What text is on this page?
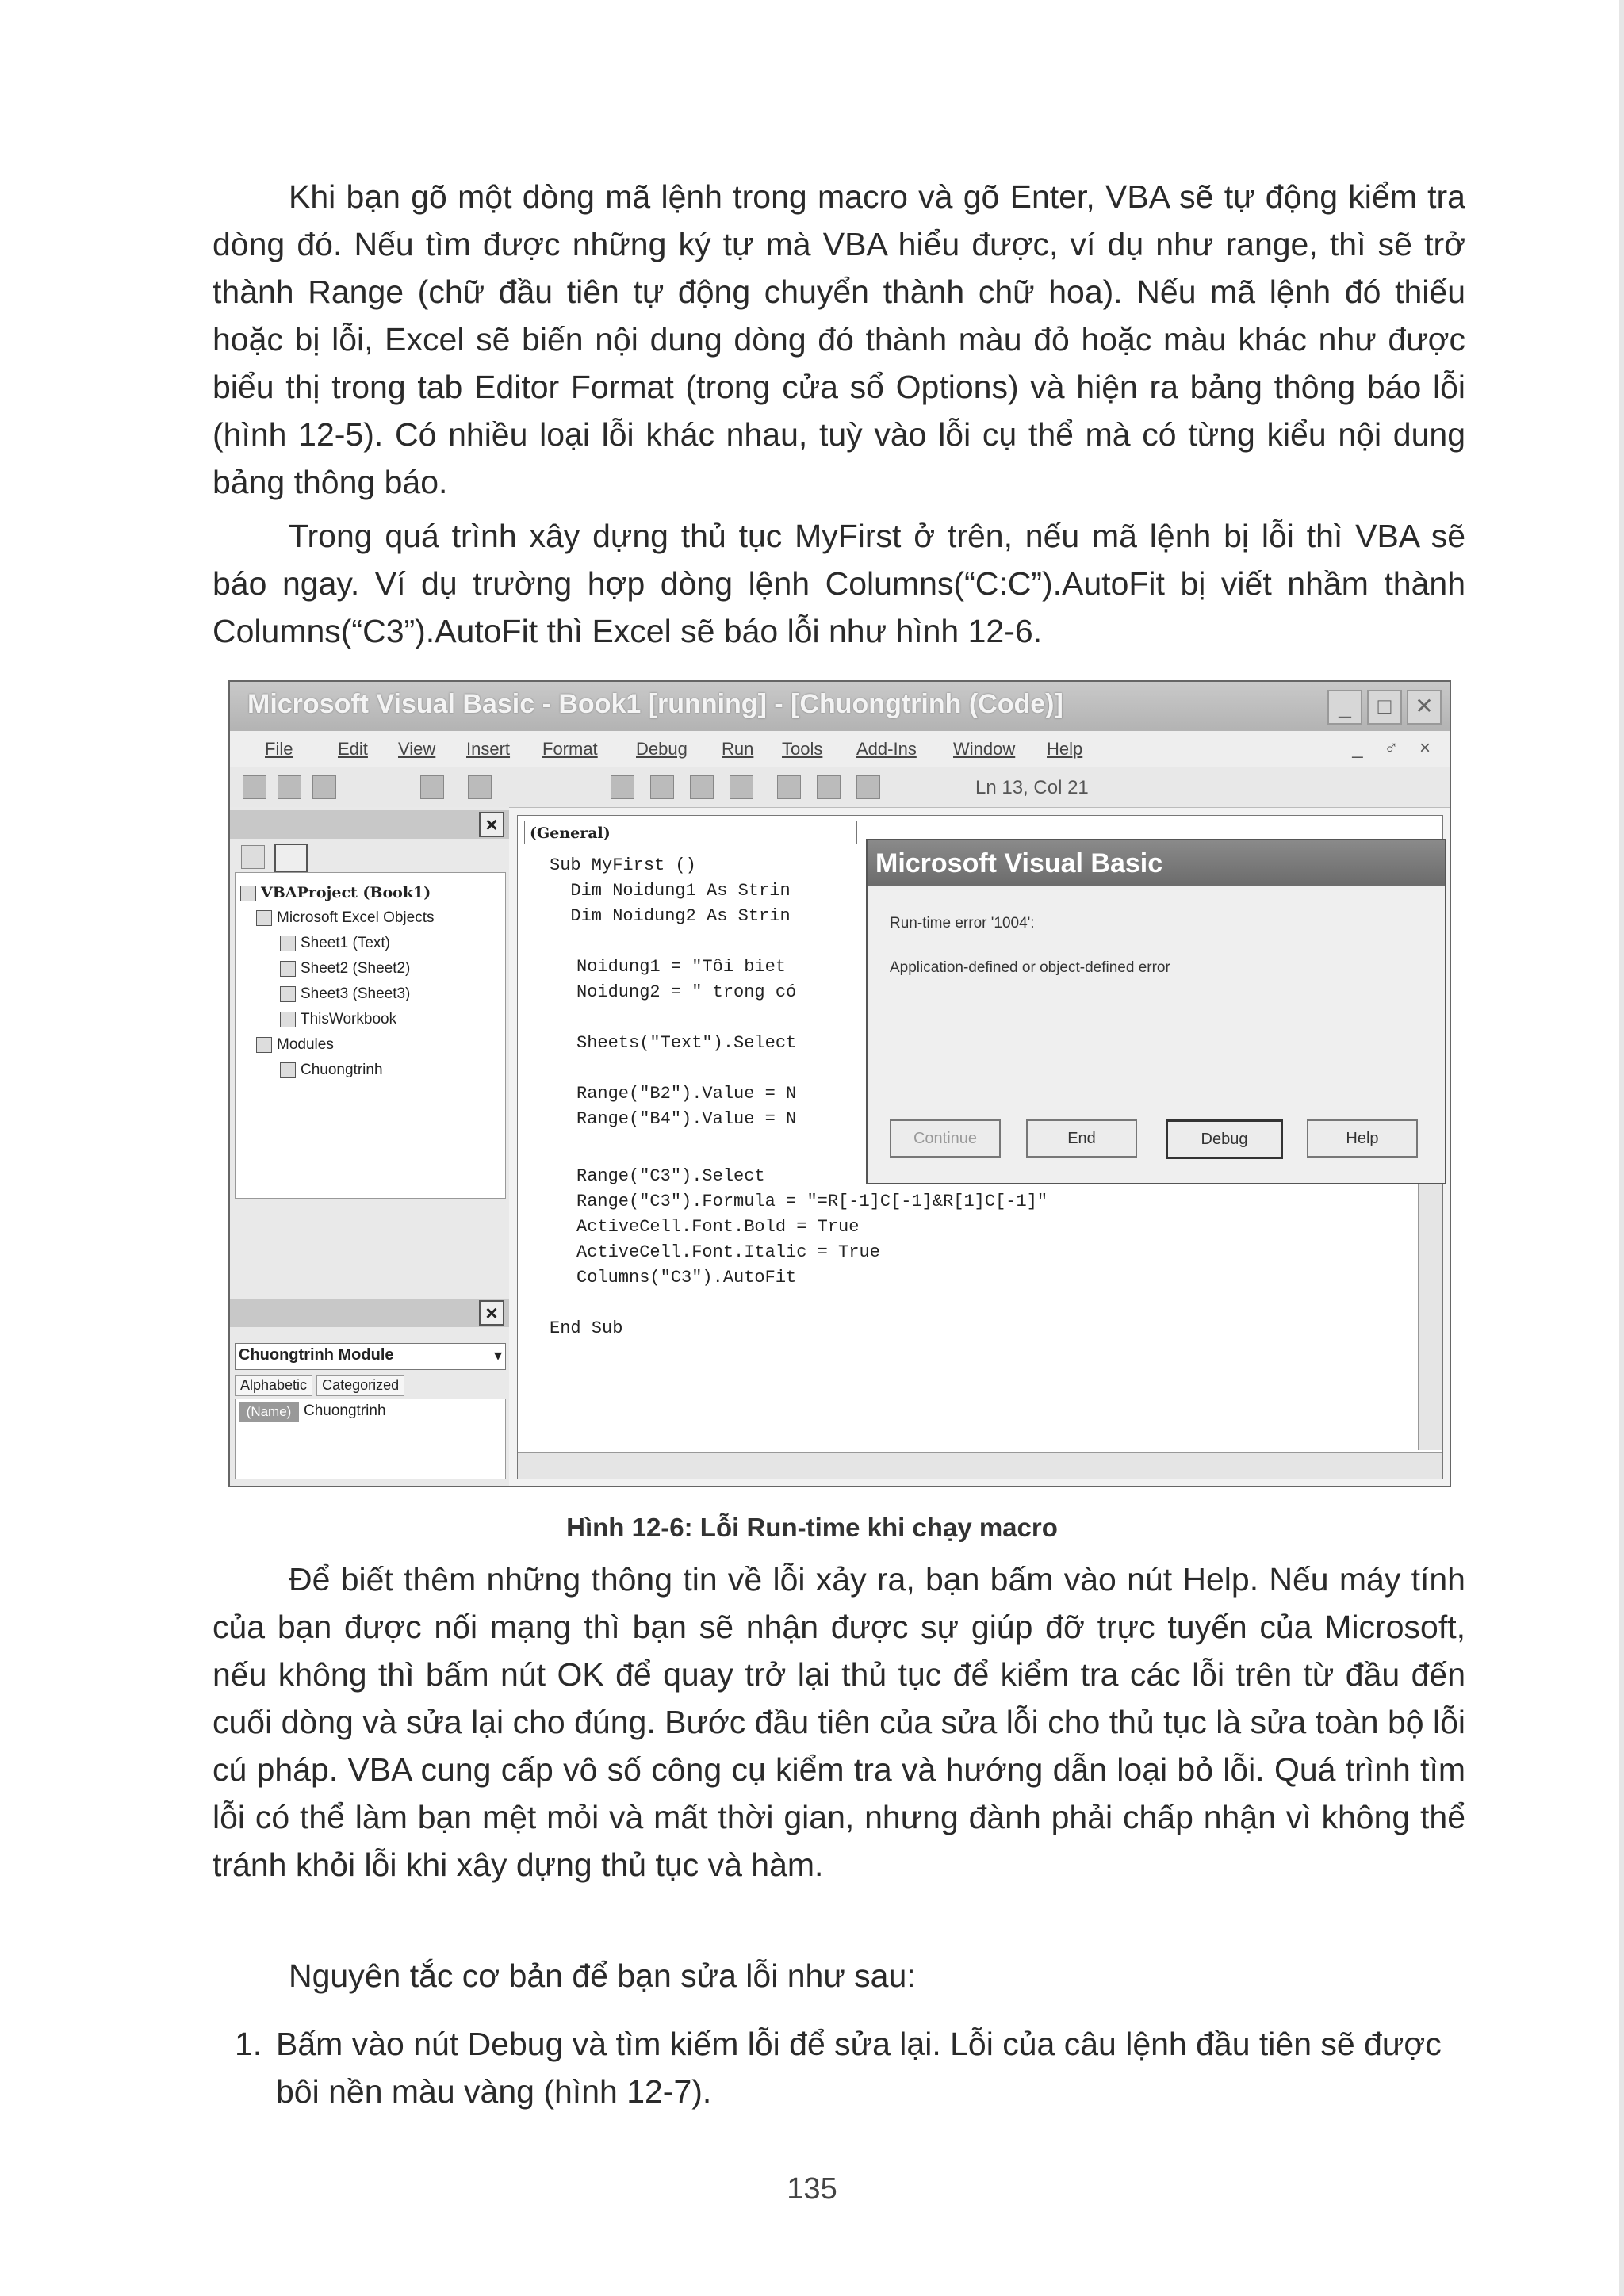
Khi bạn gõ một dòng mã lệnh trong macro và gõ Enter, VBA sẽ tự động kiểm tra dòng đó. Nếu tìm được những ký tự mà VBA hiểu được, ví dụ như range, thì sẽ trở thành Range (chữ đầu tiên tự động chuyển thành chữ hoa). Nếu mã lệnh đó thiếu hoặc bị lỗi, Excel sẽ biến nội dung dòng đó thành màu đỏ hoặc màu khác như được biểu thị trong tab Editor Format (trong cửa sổ Options) và hiện ra bảng thông báo lỗi (hình 12-5). Có nhiều loại lỗi khác nhau, tuỳ vào lỗi cụ thể mà có từng kiểu nội dung bảng thông báo.

Trong quá trình xây dựng thủ tục MyFirst ở trên, nếu mã lệnh bị lỗi thì VBA sẽ báo ngay. Ví dụ trường hợp dòng lệnh Columns(“C:C”).AutoFit bị viết nhầm thành Columns(“C3”).AutoFit thì Excel sẽ báo lỗi như hình 12-6.

Microsoft Visual Basic - Book1 [running] - [Chuongtrinh (Code)]	_	□	✕
File	Edit View Insert Format Debug Run Tools Add-Ins Window Help	_ ♂ ×
Ln 13, Col 21
×
VBAProject (Book1)
Microsoft Excel Objects
Sheet1 (Text)
Sheet2 (Sheet2)
Sheet3 (Sheet3)
ThisWorkbook
Modules
Chuongtrinh
×
Chuongtrinh Module	▾
Alphabetic Categorized
(Name) Chuongtrinh
(General)
Sub MyFirst ()
Dim Noidung1 As Strin
Dim Noidung2 As Strin
Noidung1 = "Tôi biet
Noidung2 = " trong có
Sheets("Text").Select
Range("B2").Value = N
Range("B4").Value = N
Range("C3").Select
Range("C3").Formula = "=R[-1]C[-1]&R[1]C[-1]"
ActiveCell.Font.Bold = True
ActiveCell.Font.Italic = True
Columns("C3").AutoFit
End Sub
Microsoft Visual Basic
Run-time error '1004':
Application-defined or object-defined error
Continue	End	Debug	Help
Hình 12-6: Lỗi Run-time khi chạy macro

Để biết thêm những thông tin về lỗi xảy ra, bạn bấm vào nút Help. Nếu máy tính của bạn được nối mạng thì bạn sẽ nhận được sự giúp đỡ trực tuyến của Microsoft, nếu không thì bấm nút OK để quay trở lại thủ tục để kiểm tra các lỗi trên từ đầu đến cuối dòng và sửa lại cho đúng. Bước đầu tiên của sửa lỗi cho thủ tục là sửa toàn bộ lỗi cú pháp. VBA cung cấp vô số công cụ kiểm tra và hướng dẫn loại bỏ lỗi. Quá trình tìm lỗi có thể làm bạn mệt mỏi và mất thời gian, nhưng đành phải chấp nhận vì không thể tránh khỏi lỗi khi xây dựng thủ tục và hàm.

Nguyên tắc cơ bản để bạn sửa lỗi như sau:

1. Bấm vào nút Debug và tìm kiếm lỗi để sửa lại. Lỗi của câu lệnh đầu tiên sẽ được bôi nền màu vàng (hình 12-7).
135
